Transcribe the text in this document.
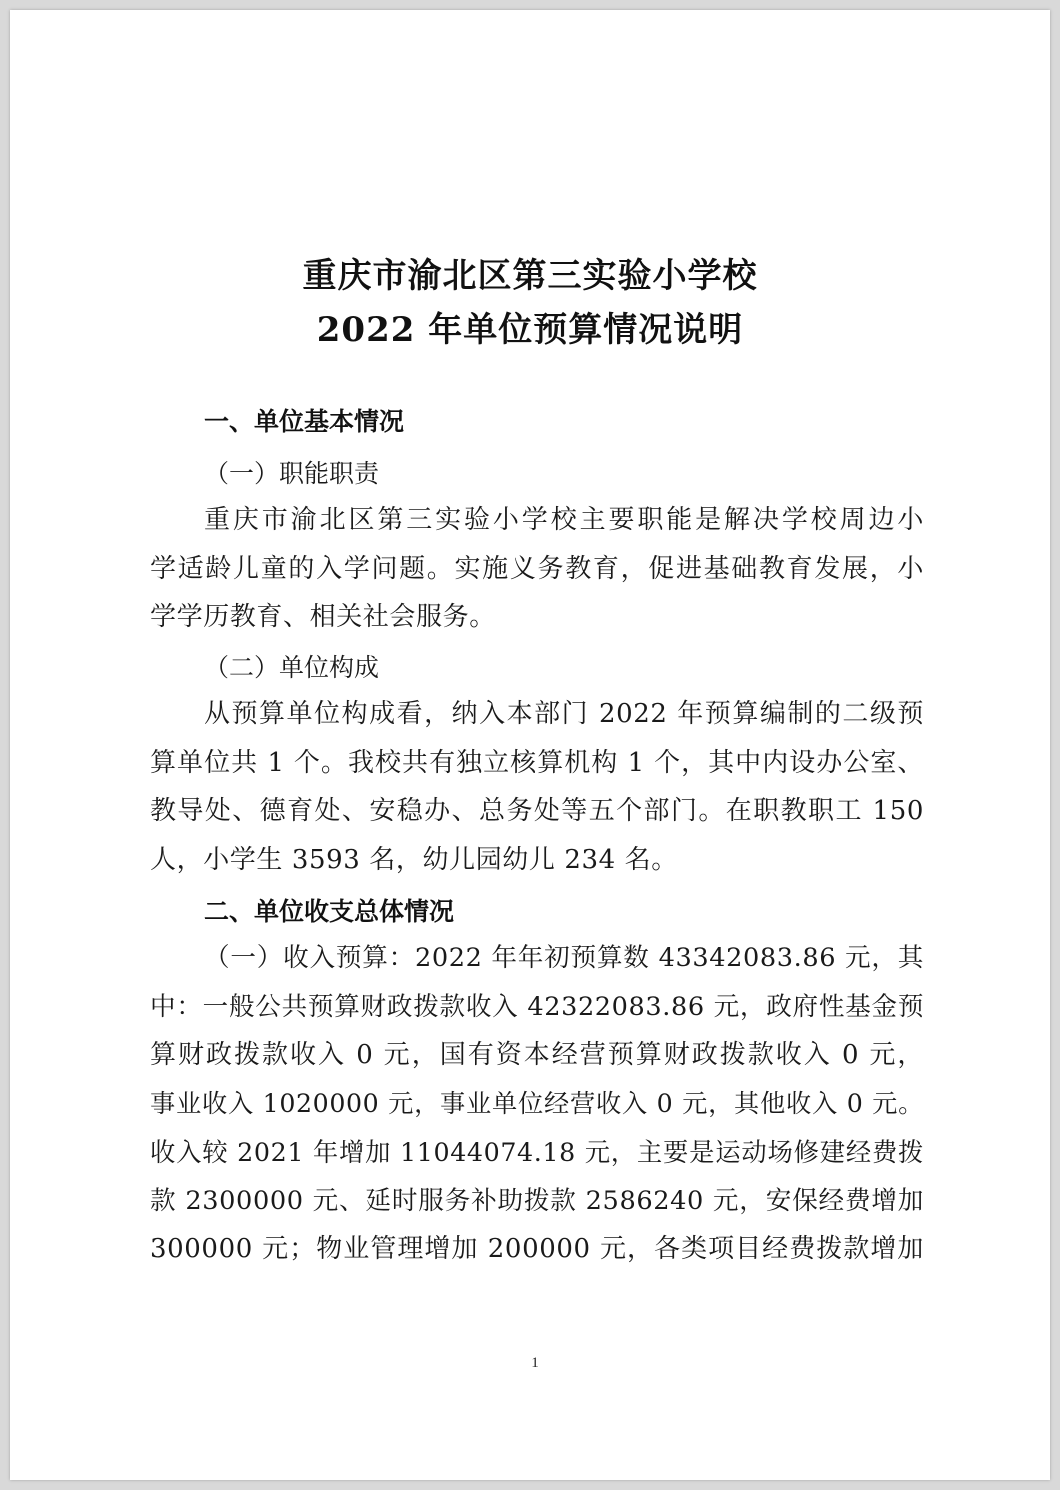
重庆市渝北区第三实验小学校
2022 年单位预算情况说明
一、单位基本情况
（一）职能职责
重庆市渝北区第三实验小学校主要职能是解决学校周边小
学适龄儿童的入学问题。实施义务教育，促进基础教育发展，小
学学历教育、相关社会服务。
（二）单位构成
从预算单位构成看，纳入本部门 2022 年预算编制的二级预
算单位共 1 个。我校共有独立核算机构 1 个，其中内设办公室、
教导处、德育处、安稳办、总务处等五个部门。在职教职工 150
人，小学生 3593 名，幼儿园幼儿 234 名。
二、单位收支总体情况
（一）收入预算：2022 年年初预算数 43342083.86 元，其
中：一般公共预算财政拨款收入 42322083.86 元，政府性基金预
算财政拨款收入 0 元，国有资本经营预算财政拨款收入 0 元，
事业收入 1020000 元，事业单位经营收入 0 元，其他收入 0 元。
收入较 2021 年增加 11044074.18 元，主要是运动场修建经费拨
款 2300000 元、延时服务补助拨款 2586240 元，安保经费增加
300000 元；物业管理增加 200000 元，各类项目经费拨款增加
1
